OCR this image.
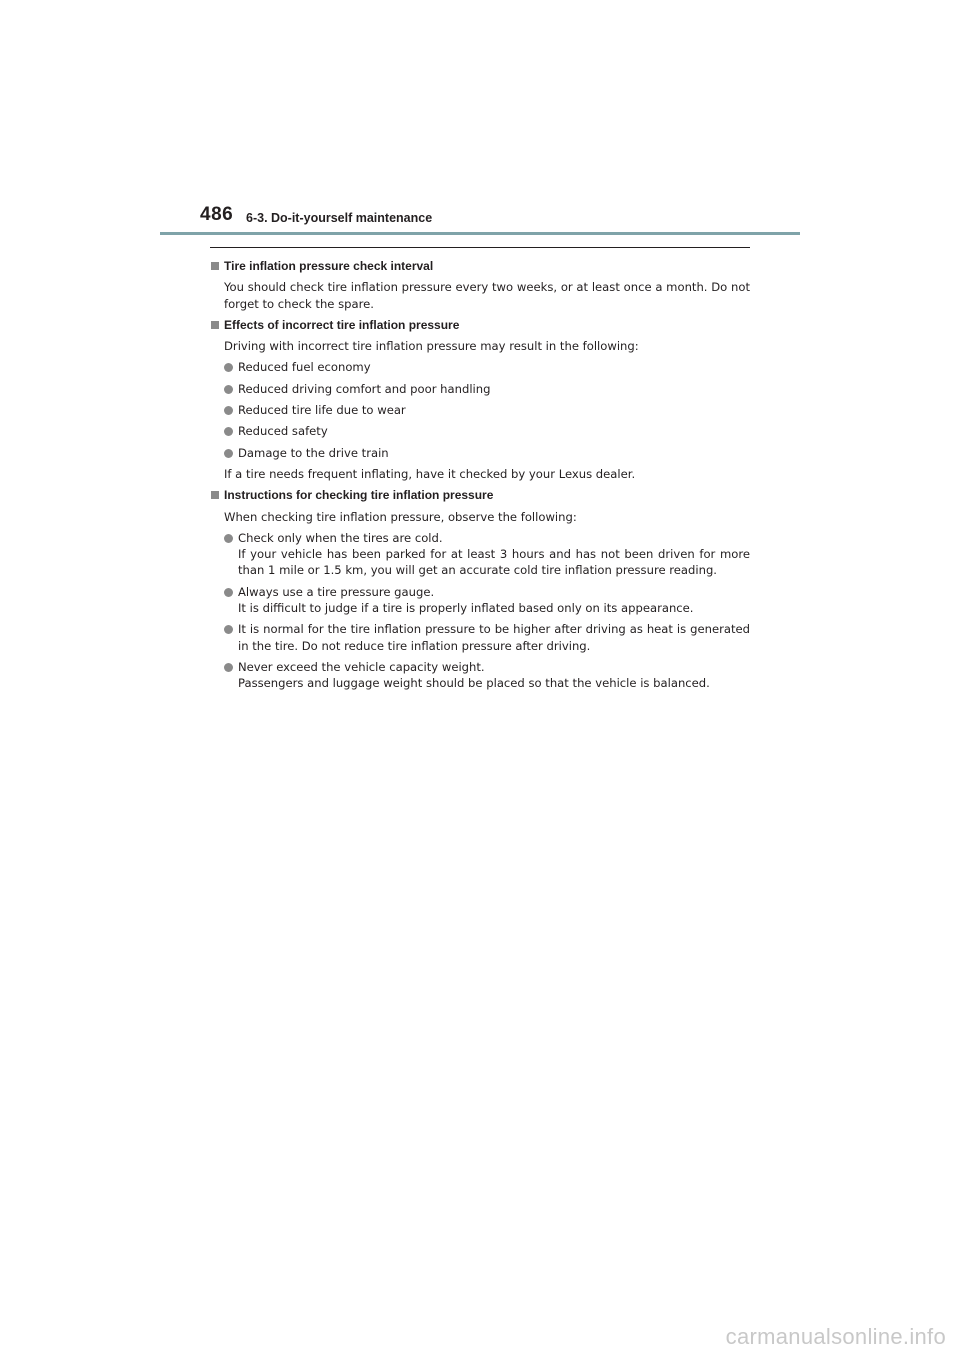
486 6-3. Do-it-yourself maintenance
Tire inflation pressure check interval
You should check tire inflation pressure every two weeks, or at least once a month. Do not forget to check the spare.
Effects of incorrect tire inflation pressure
Driving with incorrect tire inflation pressure may result in the following:
Reduced fuel economy
Reduced driving comfort and poor handling
Reduced tire life due to wear
Reduced safety
Damage to the drive train
If a tire needs frequent inflating, have it checked by your Lexus dealer.
Instructions for checking tire inflation pressure
When checking tire inflation pressure, observe the following:
Check only when the tires are cold.
If your vehicle has been parked for at least 3 hours and has not been driven for more than 1 mile or 1.5 km, you will get an accurate cold tire inflation pressure reading.
Always use a tire pressure gauge.
It is difficult to judge if a tire is properly inflated based only on its appearance.
It is normal for the tire inflation pressure to be higher after driving as heat is generated in the tire. Do not reduce tire inflation pressure after driving.
Never exceed the vehicle capacity weight.
Passengers and luggage weight should be placed so that the vehicle is balanced.
carmanualsonline.info
